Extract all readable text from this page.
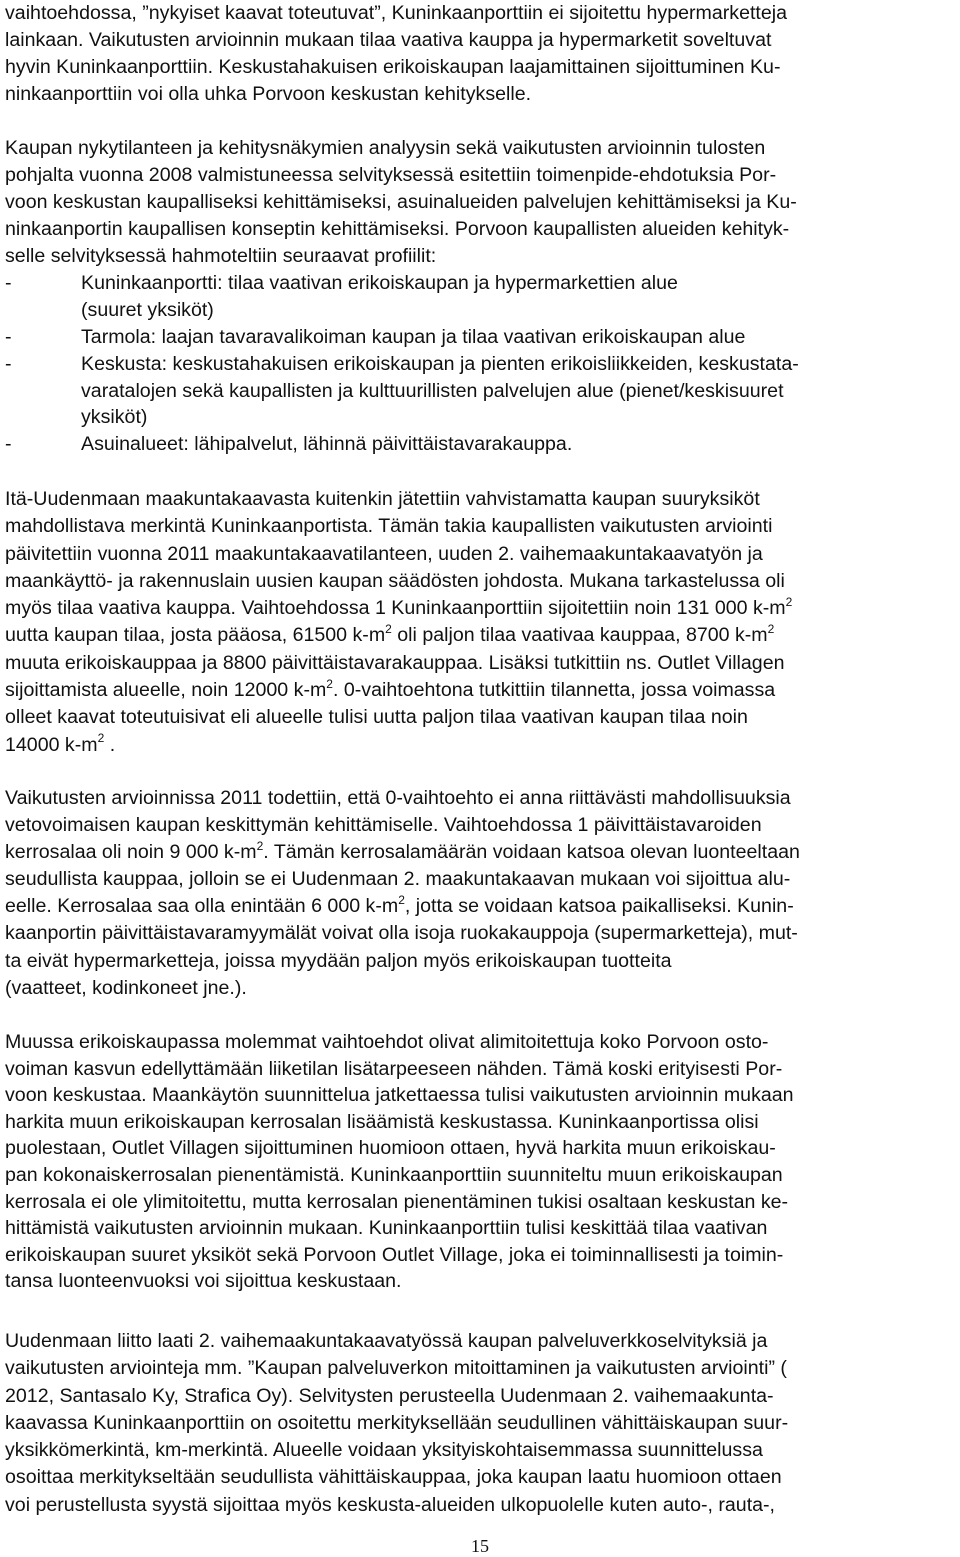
vaihtoehdossa, ”nykyiset kaavat toteutuvat”, Kuninkaanporttiin ei sijoitettu hypermarketteja
lainkaan. Vaikutusten arvioinnin mukaan tilaa vaativa kauppa ja hypermarketit soveltuvat
hyvin Kuninkaanporttiin. Keskustahakuisen erikoiskaupan laajamittainen sijoittuminen Ku-
ninkaanporttiin voi olla uhka Porvoon keskustan kehitykselle.
Kaupan nykytilanteen ja kehitysnäkymien analyysin sekä vaikutusten arvioinnin tulosten
pohjalta vuonna 2008 valmistuneessa selvityksessä esitettiin toimenpide-ehdotuksia Por-
voon keskustan kaupalliseksi kehittämiseksi, asuinalueiden palvelujen kehittämiseksi ja Ku-
ninkaanportin kaupallisen konseptin kehittämiseksi. Porvoon kaupallisten alueiden kehityk-
selle selvityksessä hahmoteltiin seuraavat profiilit:
-	Kuninkaanportti: tilaa vaativan erikoiskaupan ja hypermarkettien alue
(suuret yksiköt)
-	Tarmola: laajan tavaravalikoiman kaupan ja tilaa vaativan erikoiskaupan alue
-	Keskusta: keskustahakuisen erikoiskaupan ja pienten erikoisliikkeiden, keskustata-
varatalojen sekä kaupallisten ja kulttuurillisten palvelujen alue (pienet/keskisuuret
yksiköt)
-	Asuinalueet: lähipalvelut, lähinnä päivittäistavarakauppa.
Itä-Uudenmaan maakuntakaavasta kuitenkin jätettiin vahvistamatta kaupan suuryksiköt
mahdollistava merkintä Kuninkaanportista. Tämän takia kaupallisten vaikutusten arviointi
päivitettiin vuonna 2011 maakuntakaavatilanteen, uuden 2. vaihemaakuntakaavatyön ja
maankäyttö- ja rakennuslain uusien kaupan säädösten johdosta. Mukana tarkastelussa oli
myös tilaa vaativa kauppa. Vaihtoehdossa 1 Kuninkaanporttiin sijoitettiin noin 131 000 $k-m^2$
uutta kaupan tilaa, josta pääosa, 61500 $k-m^2$ oli paljon tilaa vaativaa kauppaa, 8700 $k-m^2$
muuta erikoiskauppaa ja 8800 päivittäistavarakauppaa. Lisäksi tutkittiin ns. Outlet Villagen
sijoittamista alueelle, noin 12000 $k-m^2$. 0-vaihtoehtona tutkittiin tilannetta, jossa voimassa
olleet kaavat toteutuisivat eli alueelle tulisi uutta paljon tilaa vaativan kaupan tilaa noin
14000 $k-m^2$ .
Vaikutusten arvioinnissa 2011 todettiin, että 0-vaihtoehto ei anna riittävästi mahdollisuuksia
vetovoimaisen kaupan keskittymän kehittämiselle. Vaihtoehdossa 1 päivittäistavaroiden
kerrosalaa oli noin 9 000 $k-m^2$. Tämän kerrosalamäärän voidaan katsoa olevan luonteeltaan
seudullista kauppaa, jolloin se ei Uudenmaan 2. maakuntakaavan mukaan voi sijoittua alu-
eelle. Kerrosalaa saa olla enintään 6 000 $k-m^2$, jotta se voidaan katsoa paikalliseksi. Kunin-
kaanportin päivittäistavaramyymälät voivat olla isoja ruokakauppoja (supermarketteja), mut-
ta eivät hypermarketteja, joissa myydään paljon myös erikoiskaupan tuotteita
(vaatteet, kodinkoneet jne.).
Muussa erikoiskaupassa molemmat vaihtoehdot olivat alimitoitettuja koko Porvoon osto-
voiman kasvun edellyttämään liiketilan lisätarpeeseen nähden. Tämä koski erityisesti Por-
voon keskustaa. Maankäytön suunnittelua jatkettaessa tulisi vaikutusten arvioinnin mukaan
harkita muun erikoiskaupan kerrosalan lisäämistä keskustassa. Kuninkaanportissa olisi
puolestaan, Outlet Villagen sijoittuminen huomioon ottaen, hyvä harkita muun erikoiskau-
pan kokonaiskerrosalan pienentämistä. Kuninkaanporttiin suunniteltu muun erikoiskaupan
kerrosala ei ole ylimitoitettu, mutta kerrosalan pienentäminen tukisi osaltaan keskustan ke-
hittämistä vaikutusten arvioinnin mukaan. Kuninkaanporttiin tulisi keskittää tilaa vaativan
erikoiskaupan suuret yksiköt sekä Porvoon Outlet Village, joka ei toiminnallisesti ja toimin-
tansa luonteenvuoksi voi sijoittua keskustaan.
Uudenmaan liitto laati 2. vaihemaakuntakaavatyössä kaupan palveluverkkoselvityksiä ja
vaikutusten arviointeja mm. ”Kaupan palveluverkon mitoittaminen ja vaikutusten arviointi” (
2012, Santasalo Ky, Strafica Oy). Selvitysten perusteella Uudenmaan 2. vaihemaakunta-
kaavassa Kuninkaanporttiin on osoitettu merkityksellään seudullinen vähittäiskaupan suur-
yksikkömerkintä, km-merkintä. Alueelle voidaan yksityiskohtaisemmassa suunnittelussa
osoittaa merkitykseltään seudullista vähittäiskauppaa, joka kaupan laatu huomioon ottaen
voi perustellusta syystä sijoittaa myös keskusta-alueiden ulkopuolelle kuten auto-, rauta-,
15
